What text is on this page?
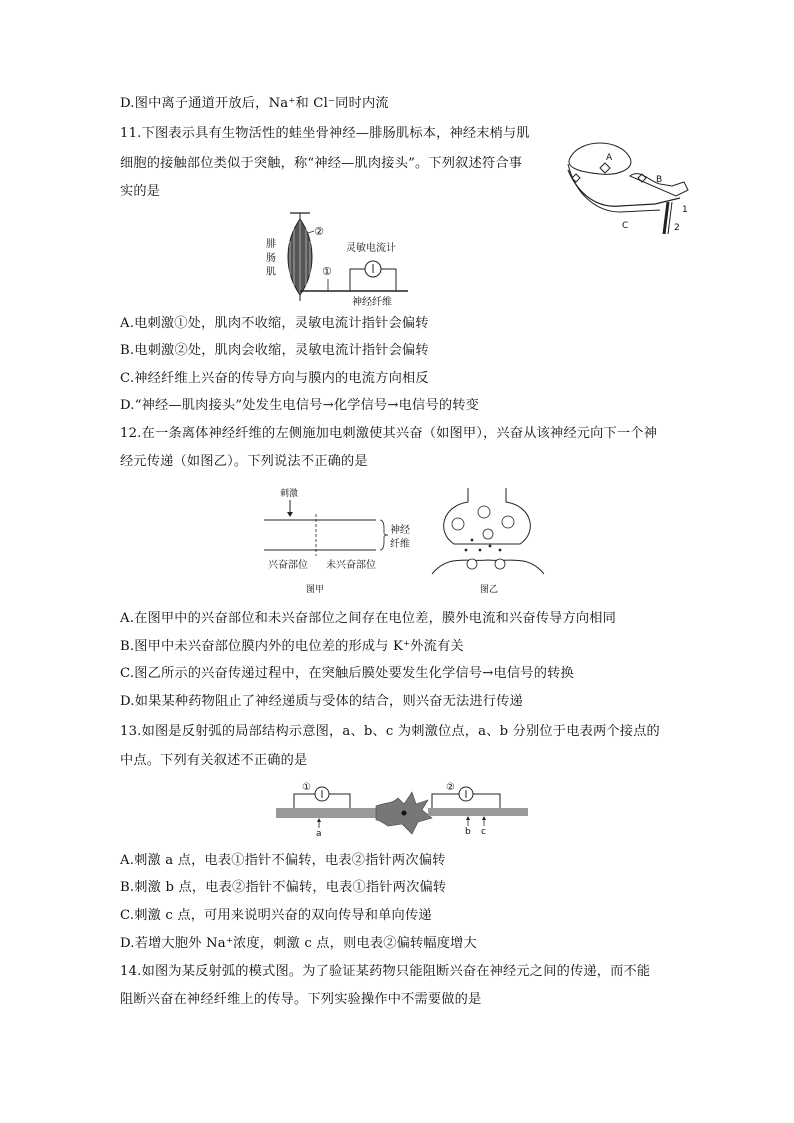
D.图中离子通道开放后，Na⁺和 Cl⁻同时内流
11.下图表示具有生物活性的蛙坐骨神经—腓肠肌标本，神经末梢与肌
细胞的接触部位类似于突触，称“神经—肌肉接头”。下列叙述符合事
实的是
A
B
C
1
2
②
腓
肠
肌	①
灵敏电流计
神经纤维
A.电刺激①处，肌肉不收缩，灵敏电流计指针会偏转
B.电刺激②处，肌肉会收缩，灵敏电流计指针会偏转
C.神经纤维上兴奋的传导方向与膜内的电流方向相反
D.“神经—肌肉接头”处发生电信号→化学信号→电信号的转变
12.在一条离体神经纤维的左侧施加电刺激使其兴奋（如图甲），兴奋从该神经元向下一个神
经元传递（如图乙）。下列说法不正确的是
刺激
神经
纤维
兴奋部位 未兴奋部位
图甲	图乙
A.在图甲中的兴奋部位和未兴奋部位之间存在电位差，膜外电流和兴奋传导方向相同
B.图甲中未兴奋部位膜内外的电位差的形成与 K⁺外流有关
C.图乙所示的兴奋传递过程中，在突触后膜处要发生化学信号→电信号的转换
D.如果某种药物阻止了神经递质与受体的结合，则兴奋无法进行传递
13.如图是反射弧的局部结构示意图，a、b、c 为刺激位点，a、b 分别位于电表两个接点的
中点。下列有关叙述不正确的是
①	②
a	b c
A.刺激 a 点，电表①指针不偏转，电表②指针两次偏转
B.刺激 b 点，电表②指针不偏转，电表①指针两次偏转
C.刺激 c 点，可用来说明兴奋的双向传导和单向传递
D.若增大胞外 Na⁺浓度，刺激 c 点，则电表②偏转幅度增大
14.如图为某反射弧的模式图。为了验证某药物只能阻断兴奋在神经元之间的传递，而不能
阻断兴奋在神经纤维上的传导。下列实验操作中不需要做的是
